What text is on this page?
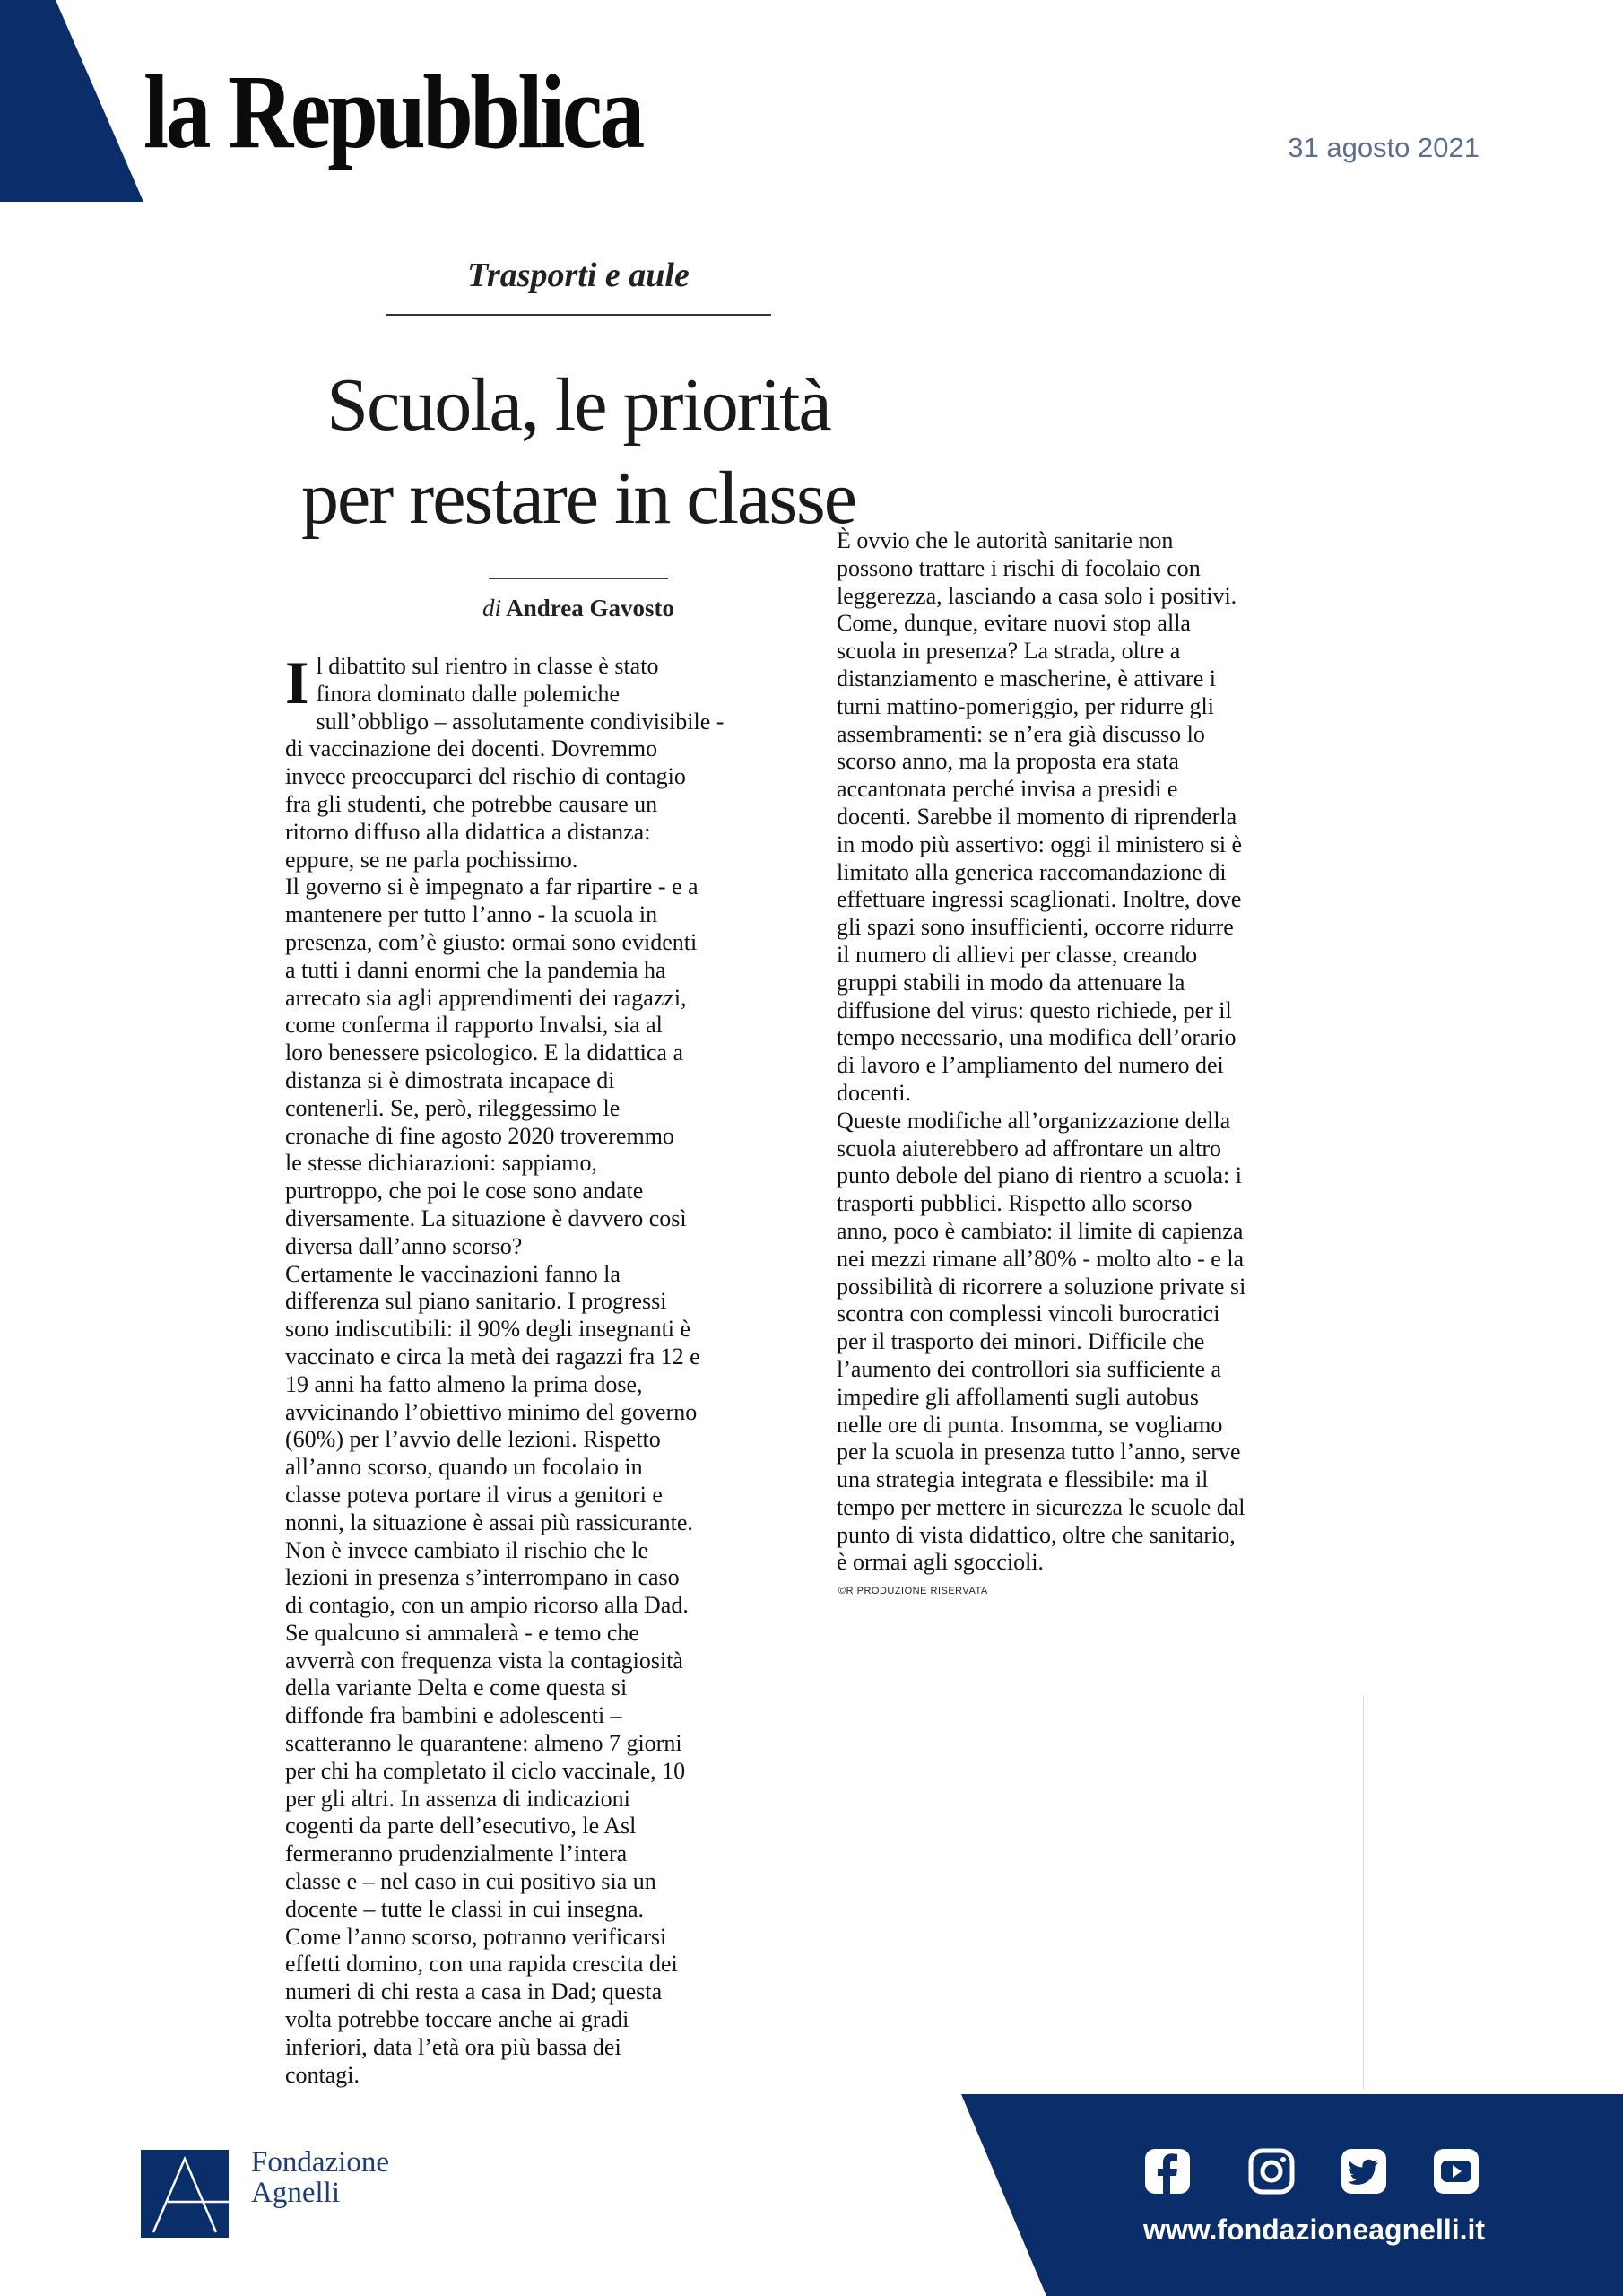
la Repubblica	31 agosto 2021
Trasporti e aule
Scuola, le priorità
per restare in classe
di Andrea Gavosto
Il dibattito sul rientro in classe è stato
finora dominato dalle polemiche
sull’obbligo – assolutamente condivisibile -
di vaccinazione dei docenti. Dovremmo
invece preoccuparci del rischio di contagio
fra gli studenti, che potrebbe causare un
ritorno diffuso alla didattica a distanza:
eppure, se ne parla pochissimo.
Il governo si è impegnato a far ripartire - e a
mantenere per tutto l’anno - la scuola in
presenza, com’è giusto: ormai sono evidenti
a tutti i danni enormi che la pandemia ha
arrecato sia agli apprendimenti dei ragazzi,
come conferma il rapporto Invalsi, sia al
loro benessere psicologico. E la didattica a
distanza si è dimostrata incapace di
contenerli. Se, però, rileggessimo le
cronache di fine agosto 2020 troveremmo
le stesse dichiarazioni: sappiamo,
purtroppo, che poi le cose sono andate
diversamente. La situazione è davvero così
diversa dall’anno scorso?
Certamente le vaccinazioni fanno la
differenza sul piano sanitario. I progressi
sono indiscutibili: il 90% degli insegnanti è
vaccinato e circa la metà dei ragazzi fra 12 e
19 anni ha fatto almeno la prima dose,
avvicinando l’obiettivo minimo del governo
(60%) per l’avvio delle lezioni. Rispetto
all’anno scorso, quando un focolaio in
classe poteva portare il virus a genitori e
nonni, la situazione è assai più rassicurante.
Non è invece cambiato il rischio che le
lezioni in presenza s’interrompano in caso
di contagio, con un ampio ricorso alla Dad.
Se qualcuno si ammalerà - e temo che
avverrà con frequenza vista la contagiosità
della variante Delta e come questa si
diffonde fra bambini e adolescenti –
scatteranno le quarantene: almeno 7 giorni
per chi ha completato il ciclo vaccinale, 10
per gli altri. In assenza di indicazioni
cogenti da parte dell’esecutivo, le Asl
fermeranno prudenzialmente l’intera
classe e – nel caso in cui positivo sia un
docente – tutte le classi in cui insegna.
Come l’anno scorso, potranno verificarsi
effetti domino, con una rapida crescita dei
numeri di chi resta a casa in Dad; questa
volta potrebbe toccare anche ai gradi
inferiori, data l’età ora più bassa dei
contagi.
È ovvio che le autorità sanitarie non
possono trattare i rischi di focolaio con
leggerezza, lasciando a casa solo i positivi.
Come, dunque, evitare nuovi stop alla
scuola in presenza? La strada, oltre a
distanziamento e mascherine, è attivare i
turni mattino-pomeriggio, per ridurre gli
assembramenti: se n’era già discusso lo
scorso anno, ma la proposta era stata
accantonata perché invisa a presidi e
docenti. Sarebbe il momento di riprenderla
in modo più assertivo: oggi il ministero si è
limitato alla generica raccomandazione di
effettuare ingressi scaglionati. Inoltre, dove
gli spazi sono insufficienti, occorre ridurre
il numero di allievi per classe, creando
gruppi stabili in modo da attenuare la
diffusione del virus: questo richiede, per il
tempo necessario, una modifica dell’orario
di lavoro e l’ampliamento del numero dei
docenti.
Queste modifiche all’organizzazione della
scuola aiuterebbero ad affrontare un altro
punto debole del piano di rientro a scuola: i
trasporti pubblici. Rispetto allo scorso
anno, poco è cambiato: il limite di capienza
nei mezzi rimane all’80% - molto alto - e la
possibilità di ricorrere a soluzione private si
scontra con complessi vincoli burocratici
per il trasporto dei minori. Difficile che
l’aumento dei controllori sia sufficiente a
impedire gli affollamenti sugli autobus
nelle ore di punta. Insomma, se vogliamo
per la scuola in presenza tutto l’anno, serve
una strategia integrata e flessibile: ma il
tempo per mettere in sicurezza le scuole dal
punto di vista didattico, oltre che sanitario,
è ormai agli sgoccioli.
©RIPRODUZIONE RISERVATA
Fondazione
Agnelli
www.fondazioneagnelli.it
